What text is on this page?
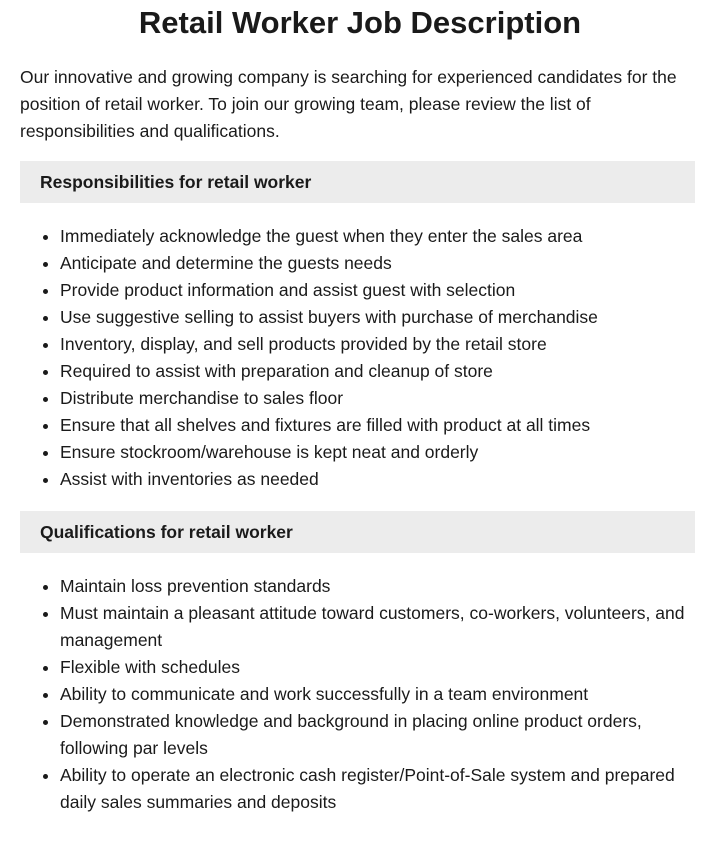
Retail Worker Job Description

Our innovative and growing company is searching for experienced candidates for the position of retail worker. To join our growing team, please review the list of responsibilities and qualifications.

Responsibilities for retail worker
• Immediately acknowledge the guest when they enter the sales area
• Anticipate and determine the guests needs
• Provide product information and assist guest with selection
• Use suggestive selling to assist buyers with purchase of merchandise
• Inventory, display, and sell products provided by the retail store
• Required to assist with preparation and cleanup of store
• Distribute merchandise to sales floor
• Ensure that all shelves and fixtures are filled with product at all times
• Ensure stockroom/warehouse is kept neat and orderly
• Assist with inventories as needed
Qualifications for retail worker
• Maintain loss prevention standards
• Must maintain a pleasant attitude toward customers, co-workers, volunteers, and management
• Flexible with schedules
• Ability to communicate and work successfully in a team environment
• Demonstrated knowledge and background in placing online product orders, following par levels
• Ability to operate an electronic cash register/Point-of-Sale system and prepared daily sales summaries and deposits
